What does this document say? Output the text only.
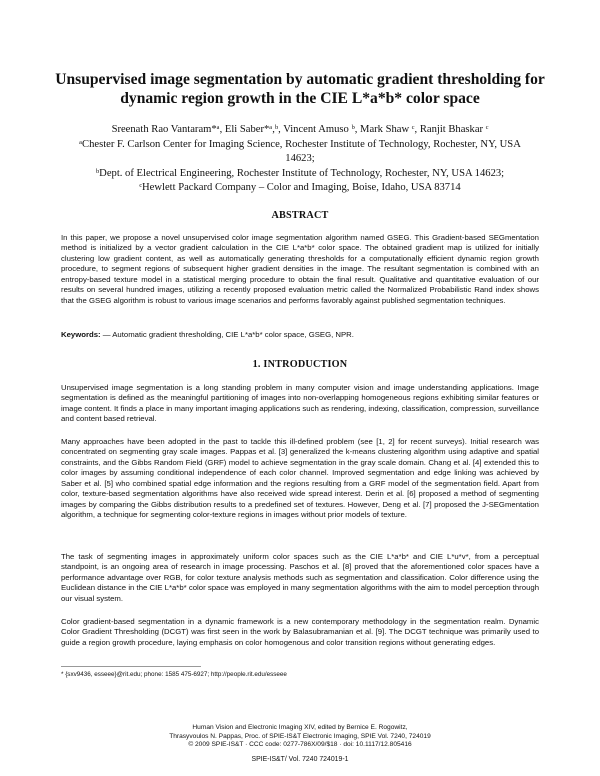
Unsupervised image segmentation by automatic gradient thresholding for dynamic region growth in the CIE L*a*b* color space
Sreenath Rao Vantaram*ᵃ, Eli Saber*ᵃ,ᵇ, Vincent Amuso ᵇ, Mark Shaw ᶜ, Ranjit Bhaskar ᶜ
ᵃChester F. Carlson Center for Imaging Science, Rochester Institute of Technology, Rochester, NY, USA 14623;
ᵇDept. of Electrical Engineering, Rochester Institute of Technology, Rochester, NY, USA 14623;
ᶜHewlett Packard Company – Color and Imaging, Boise, Idaho, USA 83714
ABSTRACT

In this paper, we propose a novel unsupervised color image segmentation algorithm named GSEG. This Gradient-based SEGmentation method is initialized by a vector gradient calculation in the CIE L*a*b* color space. The obtained gradient map is utilized for initially clustering low gradient content, as well as automatically generating thresholds for a computationally efficient dynamic region growth procedure, to segment regions of subsequent higher gradient densities in the image. The resultant segmentation is combined with an entropy-based texture model in a statistical merging procedure to obtain the final result. Qualitative and quantitative evaluation of our results on several hundred images, utilizing a recently proposed evaluation metric called the Normalized Probabilistic Rand index shows that the GSEG algorithm is robust to various image scenarios and performs favorably against published segmentation techniques.

Keywords: — Automatic gradient thresholding, CIE L*a*b* color space, GSEG, NPR.

1. INTRODUCTION

Unsupervised image segmentation is a long standing problem in many computer vision and image understanding applications. Image segmentation is defined as the meaningful partitioning of images into non-overlapping homogeneous regions exhibiting similar features or image content. It finds a place in many important imaging applications such as rendering, indexing, classification, compression, surveillance and content based retrieval.

Many approaches have been adopted in the past to tackle this ill-defined problem (see [1, 2] for recent surveys). Initial research was concentrated on segmenting gray scale images. Pappas et al. [3] generalized the k-means clustering algorithm using adaptive and spatial constraints, and the Gibbs Random Field (GRF) model to achieve segmentation in the gray scale domain. Chang et al. [4] extended this to color images by assuming conditional independence of each color channel. Improved segmentation and edge linking was achieved by Saber et al. [5] who combined spatial edge information and the regions resulting from a GRF model of the segmentation field. Apart from color, texture-based segmentation algorithms have also received wide spread interest. Derin et al. [6] proposed a method of segmenting images by comparing the Gibbs distribution results to a predefined set of textures. However, Deng et al. [7] proposed the J-SEGmentation algorithm, a technique for segmenting color-texture regions in images without prior models of texture.

The task of segmenting images in approximately uniform color spaces such as the CIE L*a*b* and CIE L*u*v*, from a perceptual standpoint, is an ongoing area of research in image processing. Paschos et al. [8] proved that the aforementioned color spaces have a performance advantage over RGB, for color texture analysis methods such as segmentation and classification. Color difference using the Euclidean distance in the CIE L*a*b* color space was employed in many segmentation algorithms with the aim to model perception through our visual system.

Color gradient-based segmentation in a dynamic framework is a new contemporary methodology in the segmentation realm. Dynamic Color Gradient Thresholding (DCGT) was first seen in the work by Balasubramanian et al. [9]. The DCGT technique was primarily used to guide a region growth procedure, laying emphasis on color homogenous and color transition regions without generating edges.

* {sxv9436, esseee}@rit.edu; phone: 1585 475-6927; http://people.rit.edu/esseee

Human Vision and Electronic Imaging XIV, edited by Bernice E. Rogowitz,
Thrasyvoulos N. Pappas, Proc. of SPIE-IS&T Electronic Imaging, SPIE Vol. 7240, 724019
© 2009 SPIE-IS&T · CCC code: 0277-786X/09/$18 · doi: 10.1117/12.805416

SPIE-IS&T/ Vol. 7240 724019-1
